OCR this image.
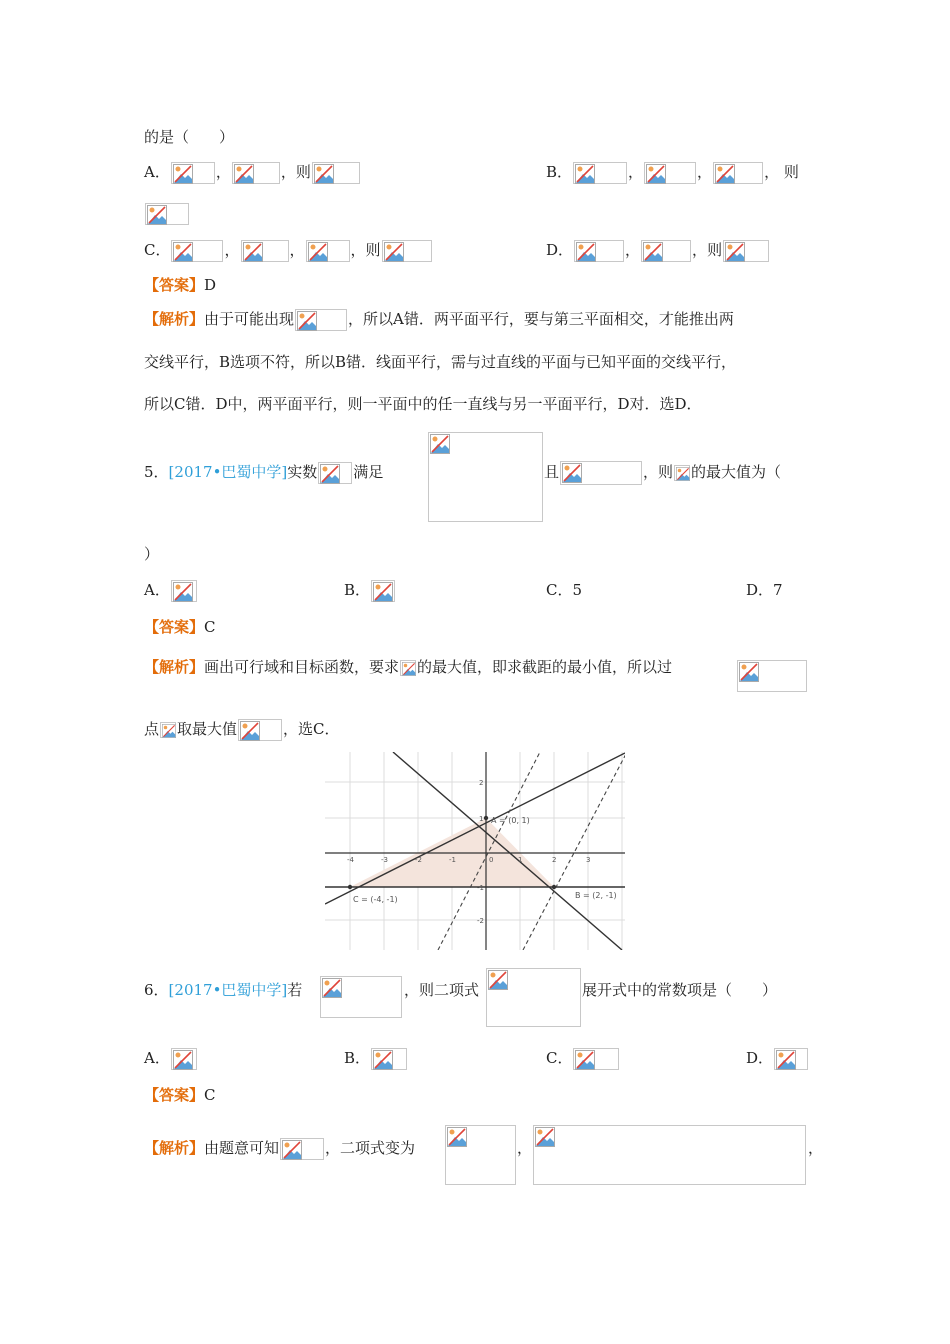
的是（　　）
A．	，	，则	B．	，	，	， 则
C．	，	，	，则	D．	，	，则
【答案】D
【解析】由于可能出现	，所以A错．两平面平行，要与第三平面相交，才能推出两
交线平行，B选项不符，所以B错．线面平行，需与过直线的平面与已知平面的交线平行，
所以C错．D中，两平面平行，则一平面中的任一直线与另一平面平行，D对．选D．
5．[2017•巴蜀中学]实数 满足	且	，则 的最大值为（
）
A．	B．	C．5	D．7
【答案】C
【解析】画出可行域和目标函数，要求 的最大值，即求截距的最小值，所以过
点 取最大值	，选C．
-4	-3	-2	-1	0	1	2	3
2
1
-1
-2
A = (0, 1)
B = (2, -1)
C = (-4, -1)
6．[2017•巴蜀中学]若	，则二项式	展开式中的常数项是（　　）
A．	B．	C．	D．
【答案】C
【解析】由题意可知	，二项式变为	，	，
